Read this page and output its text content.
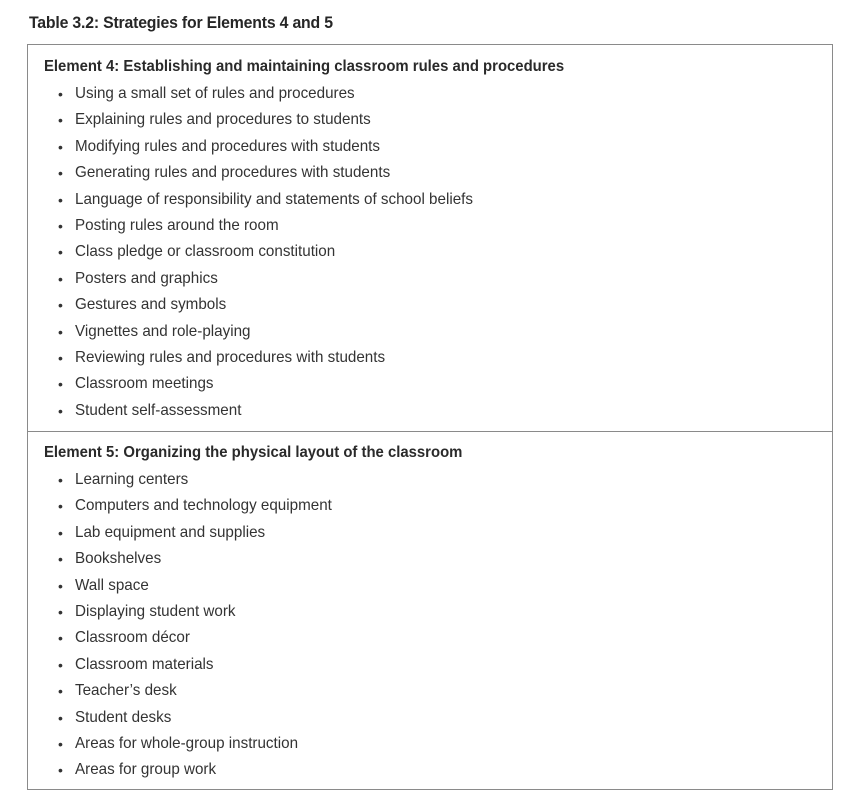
Table 3.2: Strategies for Elements 4 and 5
Element 4: Establishing and maintaining classroom rules and procedures
• Using a small set of rules and procedures
• Explaining rules and procedures to students
• Modifying rules and procedures with students
• Generating rules and procedures with students
• Language of responsibility and statements of school beliefs
• Posting rules around the room
• Class pledge or classroom constitution
• Posters and graphics
• Gestures and symbols
• Vignettes and role-playing
• Reviewing rules and procedures with students
• Classroom meetings
• Student self-assessment
Element 5: Organizing the physical layout of the classroom
• Learning centers
• Computers and technology equipment
• Lab equipment and supplies
• Bookshelves
• Wall space
• Displaying student work
• Classroom décor
• Classroom materials
• Teacher’s desk
• Student desks
• Areas for whole-group instruction
• Areas for group work
